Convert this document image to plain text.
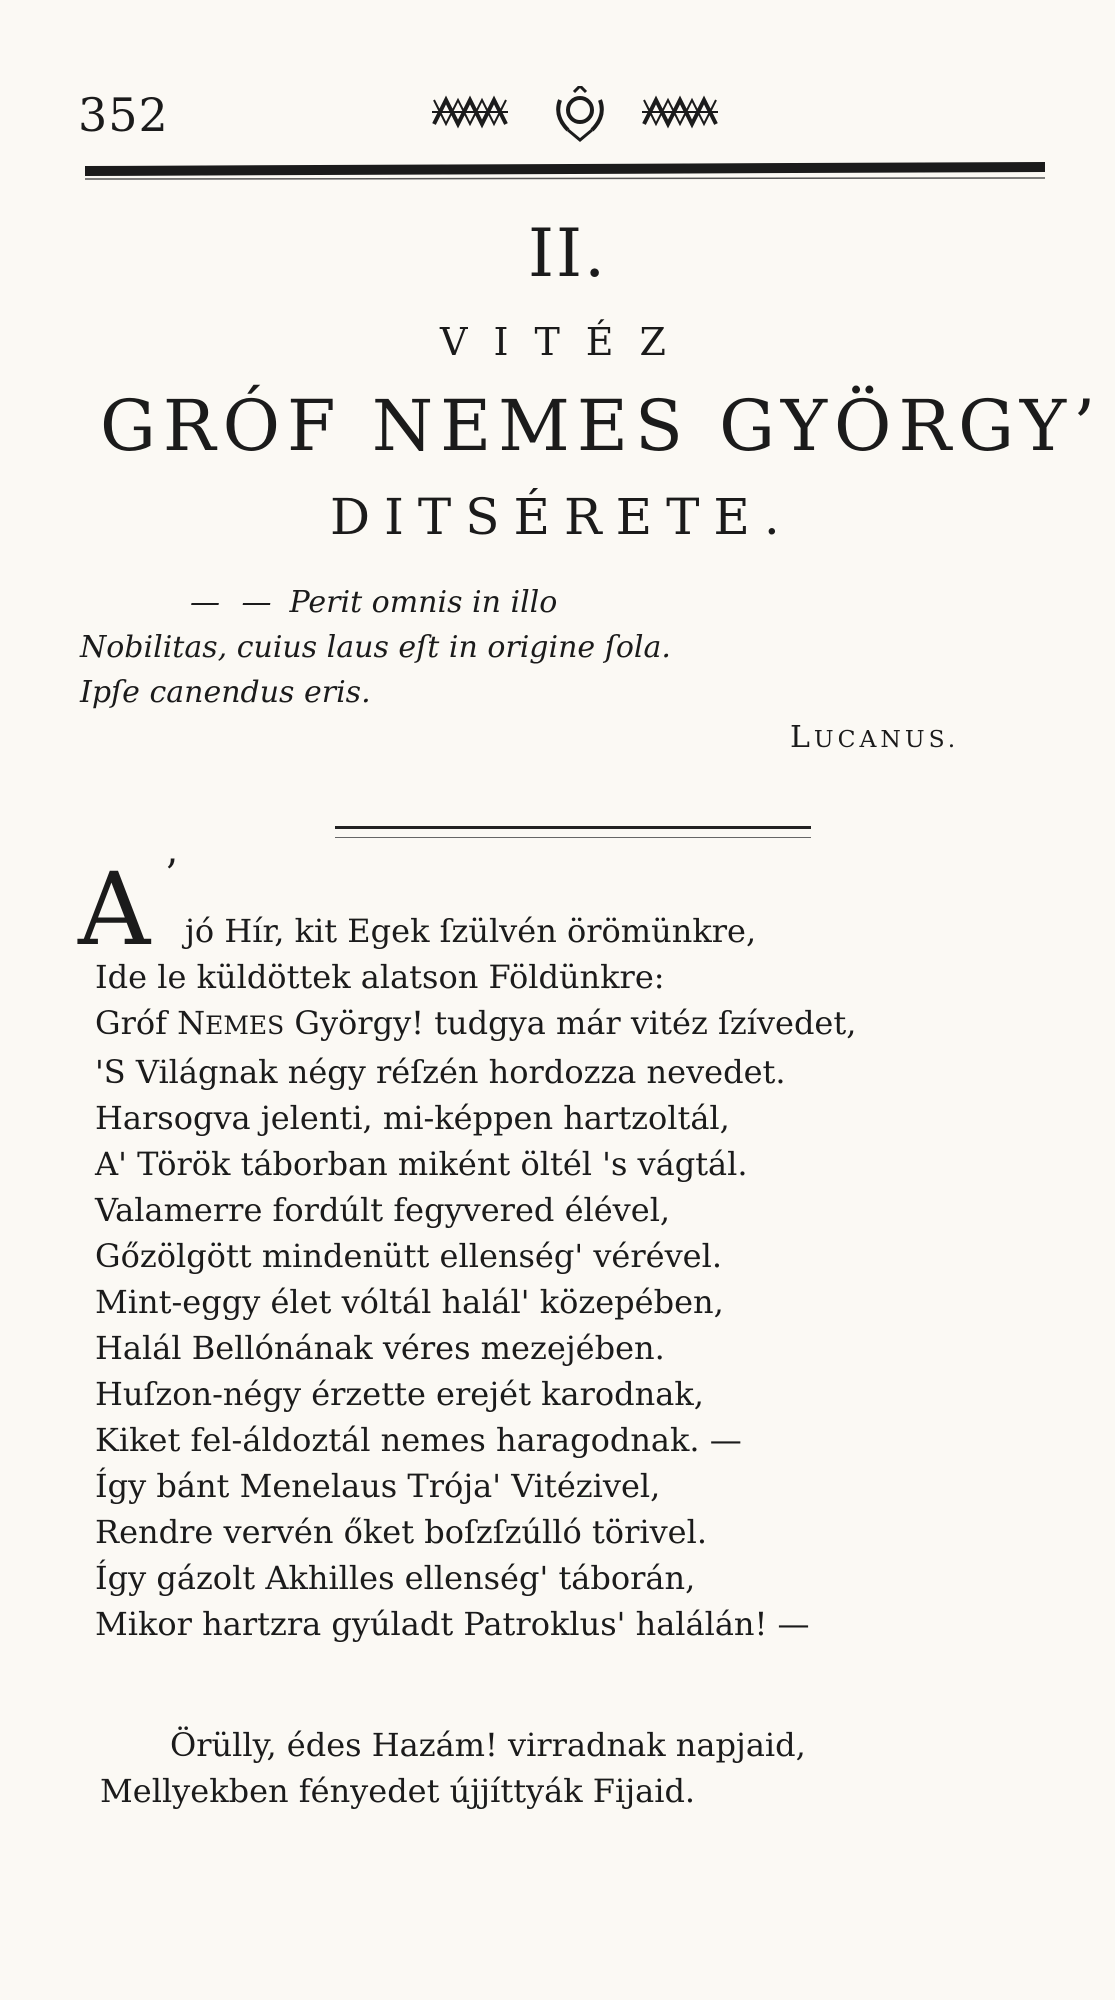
352
II.
VITÉZ
GRÓF NEMES GYÖRGY’
DITSÉRETE.
— — Perit omnis in illo
Nobilitas, cuius laus eſt in origine ſola.
Ipſe canendus eris.
LUCANUS.
A ’
jó Hír, kit Egek ſzülvén örömünkre,
Ide le küldöttek alatson Földünkre:
Gróf NEMES György! tudgya már vitéz ſzívedet,
'S Világnak négy réſzén hordozza nevedet.
Harsogva jelenti, mi-képpen hartzoltál,
A' Török táborban miként öltél 's vágtál.
Valamerre fordúlt fegyvered élével,
Gőzölgött mindenütt ellenség' vérével.
Mint-eggy élet vóltál halál' közepében,
Halál Bellónának véres mezejében.
Huſzon-négy érzette erejét karodnak,
Kiket fel-áldoztál nemes haragodnak. —
Így bánt Menelaus Trója' Vitézivel,
Rendre vervén őket boſzſzúlló törivel.
Így gázolt Akhilles ellenség' táborán,
Mikor hartzra gyúladt Patroklus' halálán! —
Örülly, édes Hazám! virradnak napjaid,
Mellyekben fényedet újjíttyák Fijaid.
